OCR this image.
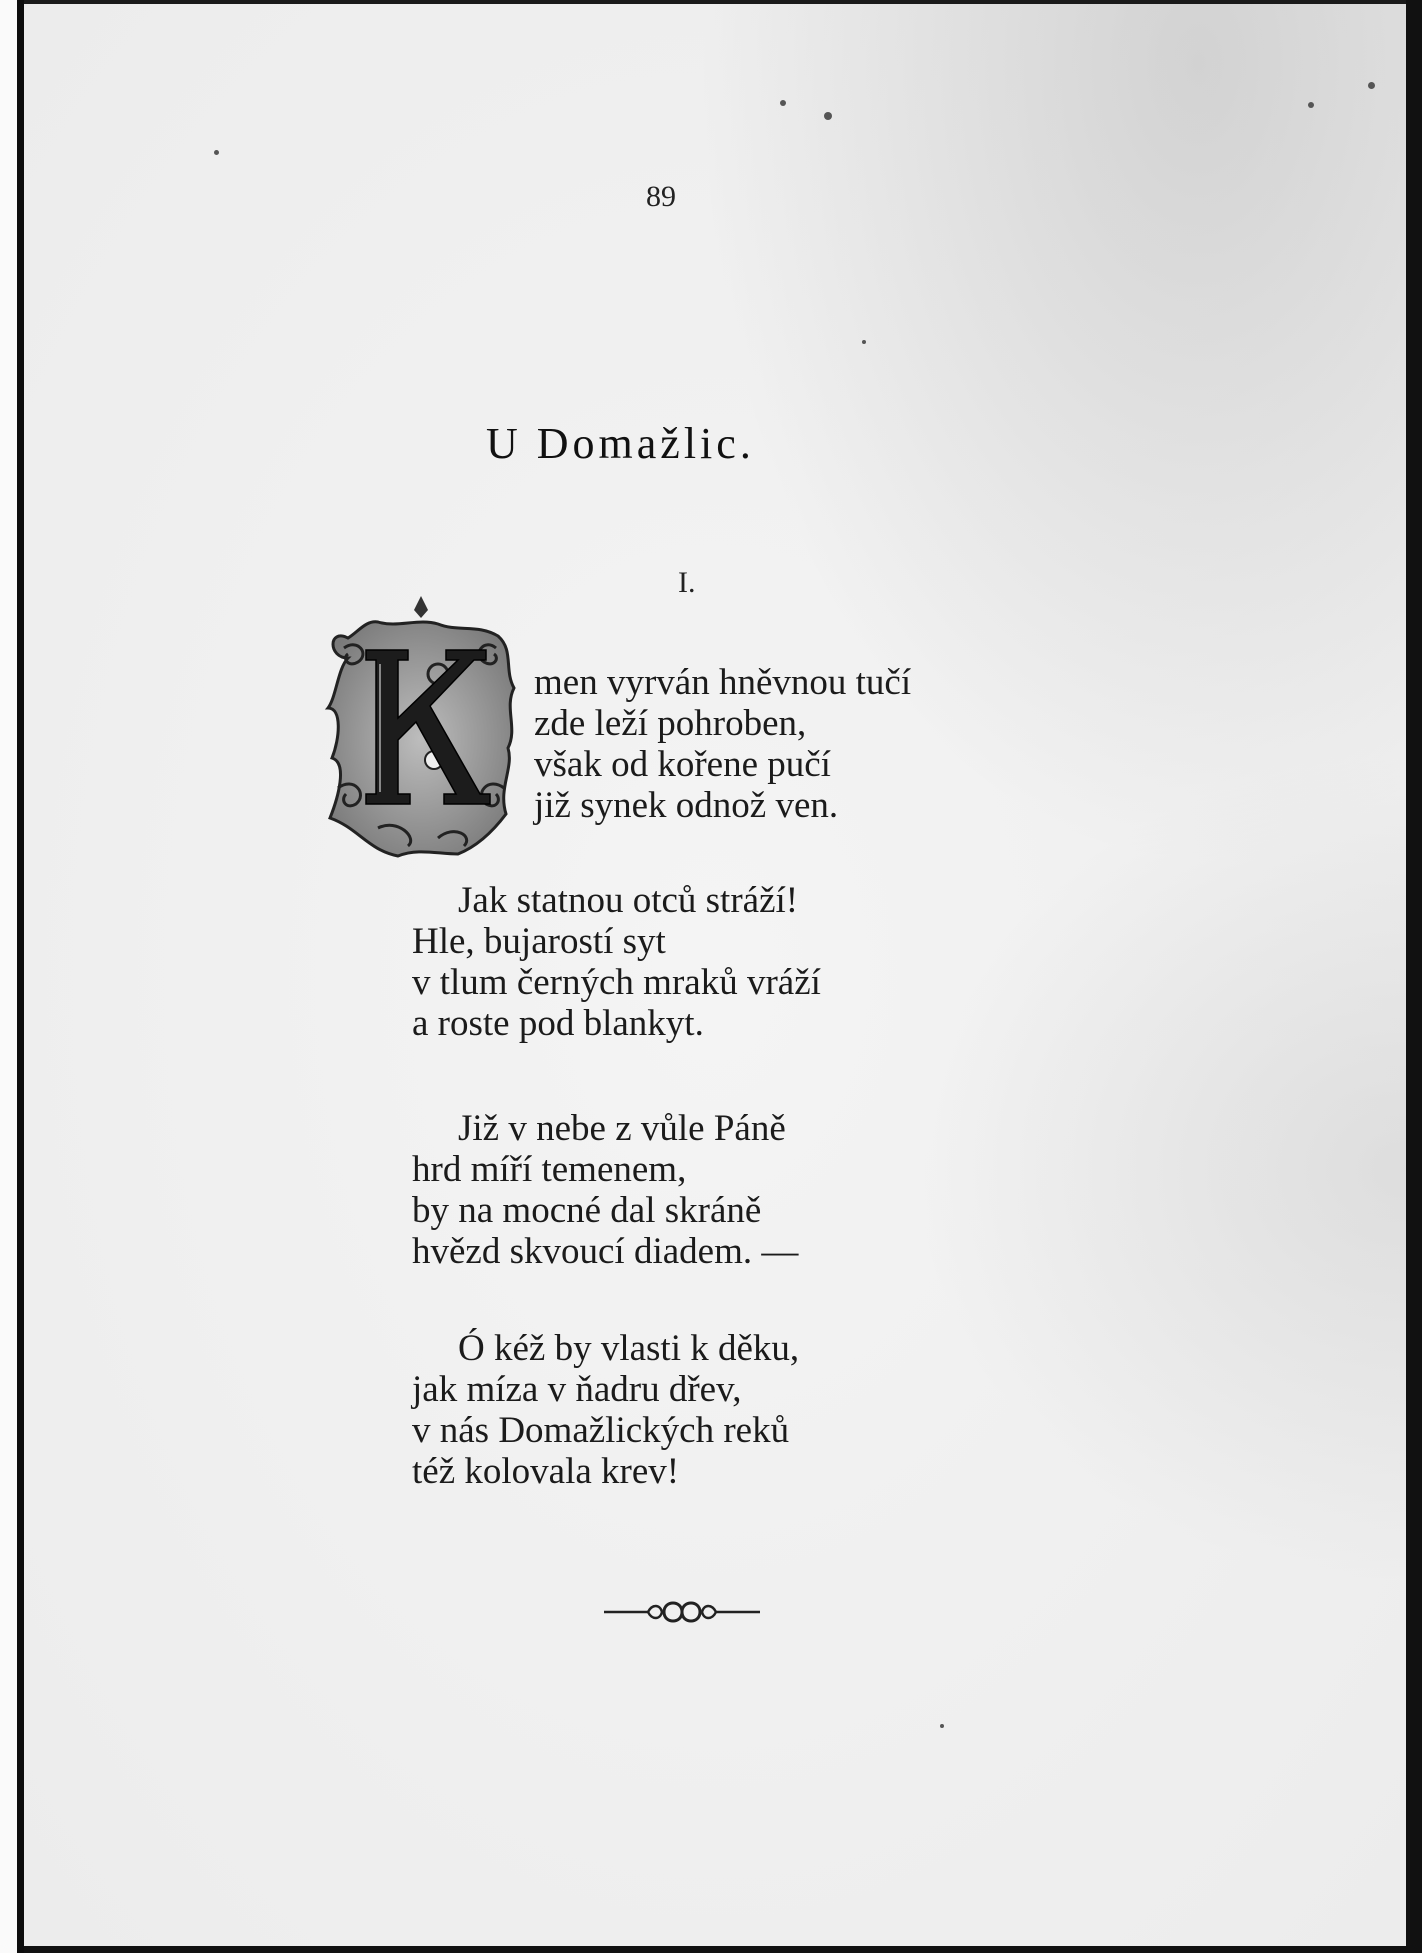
89
U Domažlic.
I.
men vyrván hněvnou tučí
zde leží pohroben,
však od kořene pučí
již synek odnož ven.
Jak statnou otců stráží!
Hle, bujarostí syt
v tlum černých mraků vráží
a roste pod blankyt.
Již v nebe z vůle Páně
hrd míří temenem,
by na mocné dal skráně
hvězd skvoucí diadem. —
Ó kéž by vlasti k děku,
jak míza v ňadru dřev,
v nás Domažlických reků
též kolovala krev!
